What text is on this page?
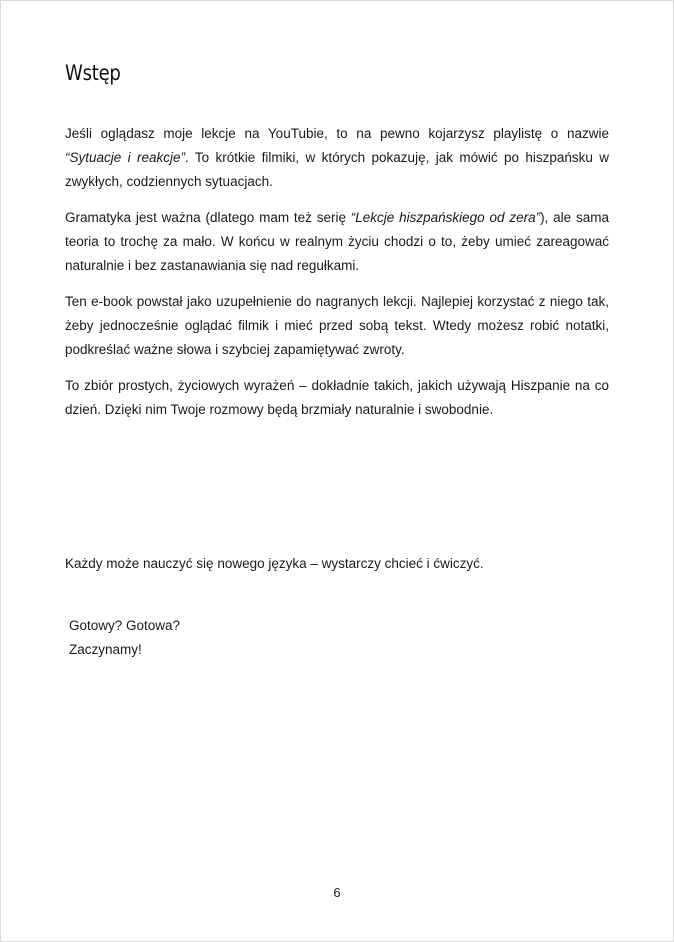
Wstęp

Jeśli oglądasz moje lekcje na YouTubie, to na pewno kojarzysz playlistę o nazwie “Sytuacje i reakcje”. To krótkie filmiki, w których pokazuję, jak mówić po hiszpańsku w zwykłych, codziennych sytuacjach.

Gramatyka jest ważna (dlatego mam też serię “Lekcje hiszpańskiego od zera”), ale sama teoria to trochę za mało. W końcu w realnym życiu chodzi o to, żeby umieć zareagować naturalnie i bez zastanawiania się nad regułkami.

Ten e-book powstał jako uzupełnienie do nagranych lekcji. Najlepiej korzystać z niego tak, żeby jednocześnie oglądać filmik i mieć przed sobą tekst. Wtedy możesz robić notatki, podkreślać ważne słowa i szybciej zapamiętywać zwroty.

To zbiór prostych, życiowych wyrażeń – dokładnie takich, jakich używają Hiszpanie na co dzień. Dzięki nim Twoje rozmowy będą brzmiały naturalnie i swobodnie.

Każdy może nauczyć się nowego języka – wystarczy chcieć i ćwiczyć.

Gotowy? Gotowa?
Zaczynamy!
6
